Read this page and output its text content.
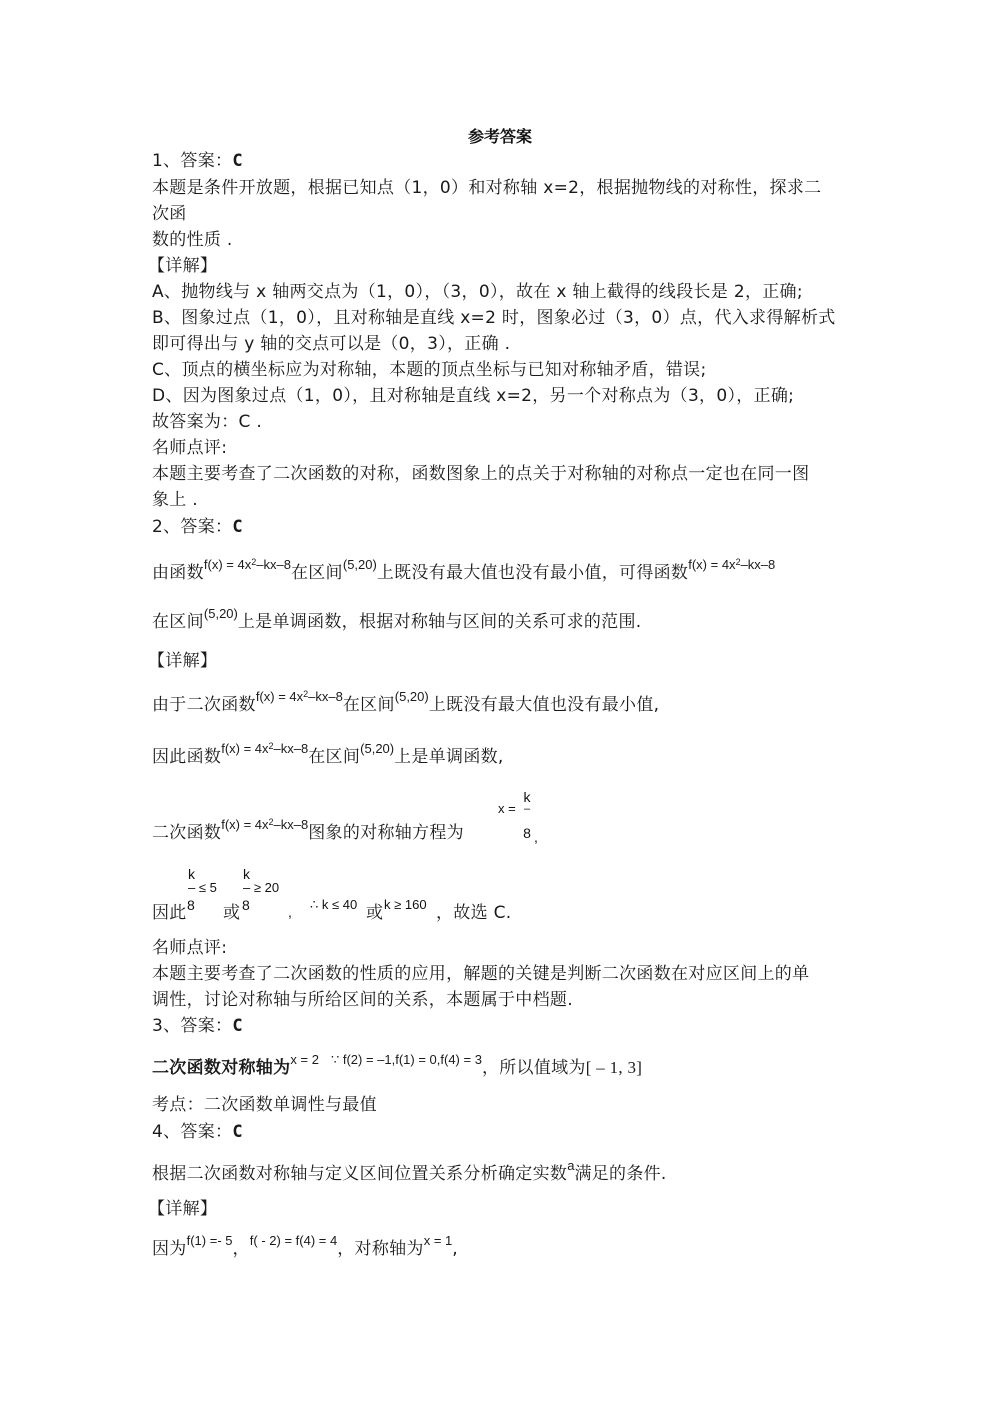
参考答案
1、答案：C
本题是条件开放题，根据已知点（1，0）和对称轴 x=2，根据抛物线的对称性，探求二
次函
数的性质 .
【详解】
A、抛物线与 x 轴两交点为（1，0），（3，0），故在 x 轴上截得的线段长是 2，正确;
B、图象过点（1，0），且对称轴是直线 x=2 时，图象必过（3，0）点，代入求得解析式
即可得出与 y 轴的交点可以是（0，3），正确 .
C、顶点的横坐标应为对称轴，本题的顶点坐标与已知对称轴矛盾，错误;
D、因为图象过点（1，0），且对称轴是直线 x=2，另一个对称点为（3，0），正确;
故答案为：C .
名师点评:
本题主要考查了二次函数的对称，函数图象上的点关于对称轴的对称点一定也在同一图
象上 .
2、答案：C
由函数$^{f(x) = 4x^2-kx-8}$在区间$^{(5,20)}$上既没有最大值也没有最小值，可得函数$^{f(x) = 4x^2-kx-8}$
在区间$^{(5,20)}$上是单调函数，根据对称轴与区间的关系可求的范围.
【详解】
由于二次函数$^{f(x) = 4x^2-kx-8}$在区间$^{(5,20)}$上既没有最大值也没有最小值,
因此函数$^{f(x) = 4x^2-kx-8}$在区间$^{(5,20)}$上是单调函数,
二次函数$^{f(x) = 4x^2-kx-8}$图象的对称轴方程为
x =
k
–
8 ,
因此
k
– ≤ 5
8 或
k
– ≥ 20
8	, ∴ k ≤ 40 或 k ≥ 160 ，故选 C.
名师点评:
本题主要考查了二次函数的性质的应用，解题的关键是判断二次函数在对应区间上的单
调性，讨论对称轴与所给区间的关系，本题属于中档题.
3、答案：C
二次函数对称轴为$^{x = 2}$ $^{\because f(2) = -1,f(1) = 0,f(4) = 3}$，所以值域为[ – 1, 3]
考点：二次函数单调性与最值
4、答案：C
根据二次函数对称轴与定义区间位置关系分析确定实数$^a$满足的条件.
【详解】
因为$^{f(1) =- 5}$，$^{f( - 2) = f(4) = 4}$，对称轴为$^{x = 1}$,
